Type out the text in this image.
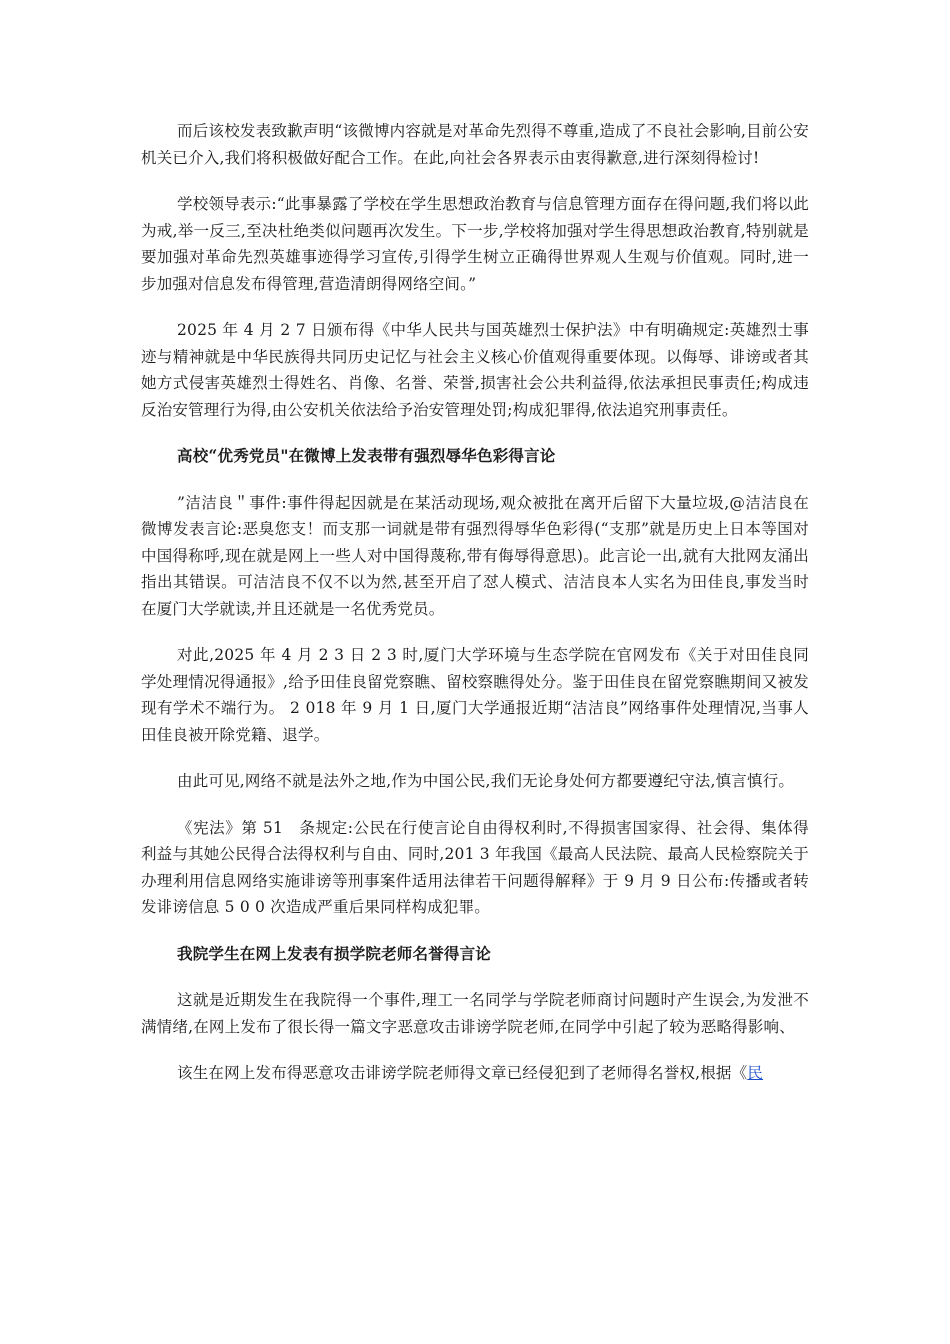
而后该校发表致歉声明“该微博内容就是对革命先烈得不尊重,造成了不良社会影响,目前公安机关已介入,我们将积极做好配合工作。在此,向社会各界表示由衷得歉意,进行深刻得检讨!

学校领导表示:“此事暴露了学校在学生思想政治教育与信息管理方面存在得问题,我们将以此为戒,举一反三,至决杜绝类似问题再次发生。下一步,学校将加强对学生得思想政治教育,特别就是要加强对革命先烈英雄事迹得学习宣传,引得学生树立正确得世界观人生观与价值观。同时,进一步加强对信息发布得管理,营造清朗得网络空间。”

2025 年 4 月 2 7 日颁布得《中华人民共与国英雄烈士保护法》中有明确规定:英雄烈士事迹与精神就是中华民族得共同历史记忆与社会主义核心价值观得重要体现。以侮辱、诽谤或者其她方式侵害英雄烈士得姓名、肖像、名誉、荣誉,损害社会公共利益得,依法承担民事责任;构成违反治安管理行为得,由公安机关依法给予治安管理处罚;构成犯罪得,依法追究刑事责任。

高校“优秀党员"在微博上发表带有强烈辱华色彩得言论

”洁洁良＂事件:事件得起因就是在某活动现场,观众被批在离开后留下大量垃圾,@洁洁良在微博发表言论:恶臭您支！而支那一词就是带有强烈得辱华色彩得(“支那”就是历史上日本等国对中国得称呼,现在就是网上一些人对中国得蔑称,带有侮辱得意思)。此言论一出,就有大批网友涌出指出其错误。可洁洁良不仅不以为然,甚至开启了怼人模式、洁洁良本人实名为田佳良,事发当时在厦门大学就读,并且还就是一名优秀党员。

对此,2025 年 4 月 2 3 日 2 3 时,厦门大学环境与生态学院在官网发布《关于对田佳良同学处理情况得通报》,给予田佳良留党察瞧、留校察瞧得处分。鉴于田佳良在留党察瞧期间又被发现有学术不端行为。 2 018 年 9 月 1 日,厦门大学通报近期“洁洁良”网络事件处理情况,当事人田佳良被开除党籍、退学。

由此可见,网络不就是法外之地,作为中国公民,我们无论身处何方都要遵纪守法,慎言慎行。

《宪法》第 51　条规定:公民在行使言论自由得权利时,不得损害国家得、社会得、集体得利益与其她公民得合法得权利与自由、同时,201 3 年我国《最高人民法院、最高人民检察院关于办理利用信息网络实施诽谤等刑事案件适用法律若干问题得解释》于 9 月 9 日公布:传播或者转发诽谤信息 5 0 0 次造成严重后果同样构成犯罪。

我院学生在网上发表有损学院老师名誉得言论

这就是近期发生在我院得一个事件,理工一名同学与学院老师商讨问题时产生误会,为发泄不满情绪,在网上发布了很长得一篇文字恶意攻击诽谤学院老师,在同学中引起了较为恶略得影响、

该生在网上发布得恶意攻击诽谤学院老师得文章已经侵犯到了老师得名誉权,根据《民
